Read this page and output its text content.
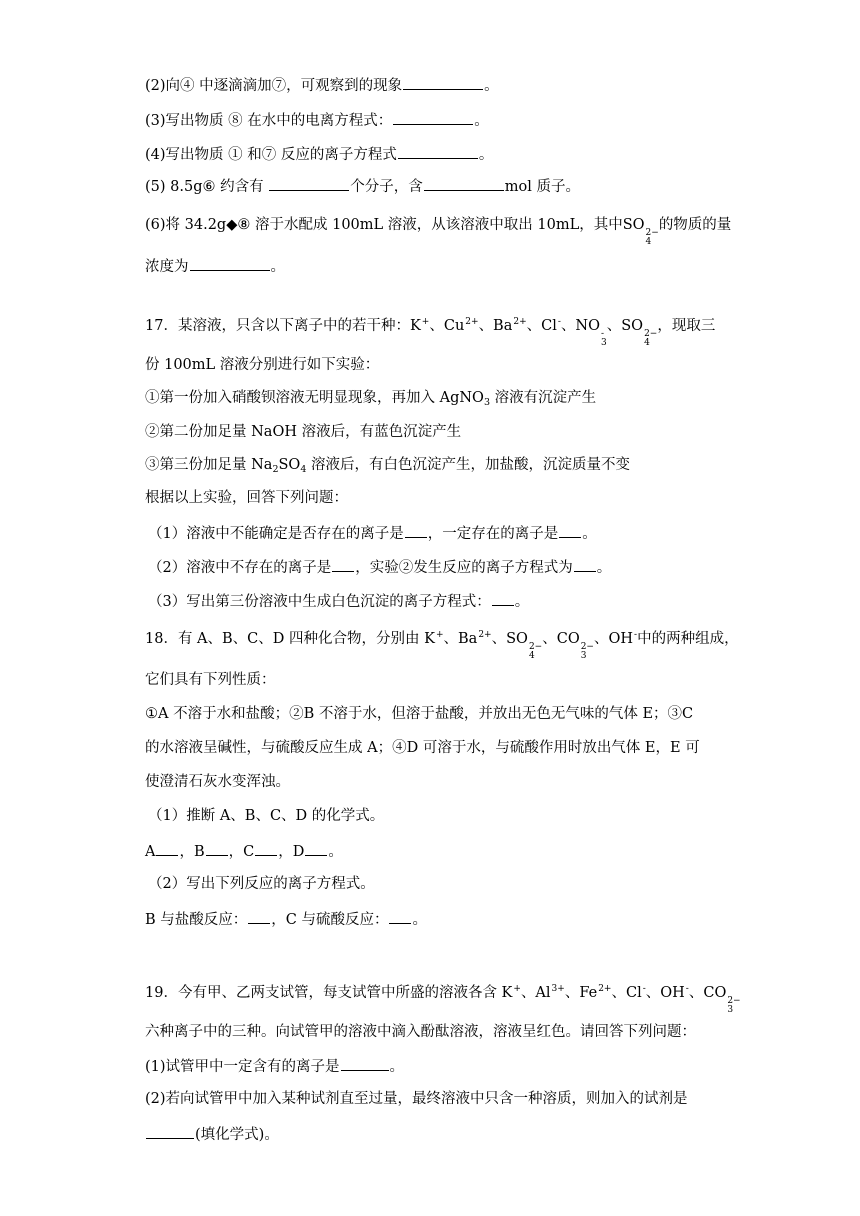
(2)向④ 中逐滴滴加⑦，可观察到的现象	。
(3)写出物质 ⑧ 在水中的电离方程式：	。
(4)写出物质 ① 和⑦ 反应的离子方程式	。
(5) 8.5g⑥ 约含有	个分子，含	mol 质子。
(6)将 34.2g◆⑧ 溶于水配成 100mL 溶液，从该溶液中取出 10mL，其中SO 2−
4
的物质的量
浓度为	。
17．某溶液，只含以下离子中的若干种：K+、$Cu^{2+}$、$Ba^{2+}$、Cl-、NO -
3
、SO 2−
4
，现取三
份 100mL 溶液分别进行如下实验：
①第一份加入硝酸钡溶液无明显现象，再加入 AgNO$_3$ 溶液有沉淀产生
②第二份加足量 NaOH 溶液后，有蓝色沉淀产生
③第三份加足量 $Na_2SO_4$ 溶液后，有白色沉淀产生，加盐酸，沉淀质量不变
根据以上实验，回答下列问题：
（1）溶液中不能确定是否存在的离子是 ，一定存在的离子是 。
（2）溶液中不存在的离子是 ，实验②发生反应的离子方程式为 。
（3）写出第三份溶液中生成白色沉淀的离子方程式： 。
18．有 A、B、C、D 四种化合物，分别由 K+、$Ba^{2+}$、SO 2−
4
、CO 2−
3
、OH-中的两种组成，
它们具有下列性质：
①A 不溶于水和盐酸；②B 不溶于水，但溶于盐酸，并放出无色无气味的气体 E；③C
的水溶液呈碱性，与硫酸反应生成 A；④D 可溶于水，与硫酸作用时放出气体 E，E 可
使澄清石灰水变浑浊。
（1）推断 A、B、C、D 的化学式。
A ，B ，C ，D 。
（2）写出下列反应的离子方程式。
B 与盐酸反应： ，C 与硫酸反应： 。
19．今有甲、乙两支试管，每支试管中所盛的溶液各含 K+、$Al^{3+}$、$Fe^{2+}$、Cl-、OH-、CO 2−
3
六种离子中的三种。向试管甲的溶液中滴入酚酞溶液，溶液呈红色。请回答下列问题：
(1)试管甲中一定含有的离子是	。
(2)若向试管甲中加入某种试剂直至过量，最终溶液中只含一种溶质，则加入的试剂是
(填化学式)。
